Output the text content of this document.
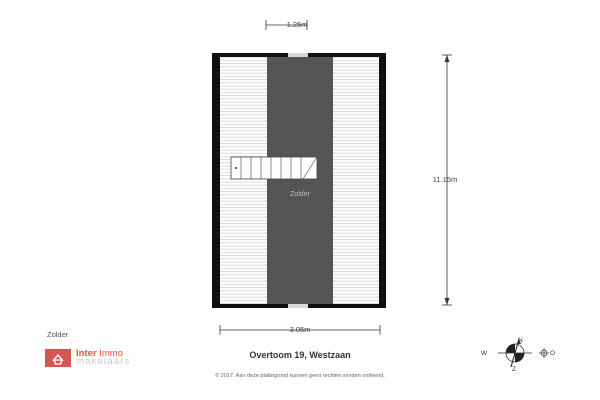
1.25m
Zolder
11.15m
3.05m
Zolder
Inter Immo
makelaars
Overtoom 19, Westzaan
© 2017. Aan deze plattegrond kunnen geen rechten worden ontleend.
N
W	O
Z
